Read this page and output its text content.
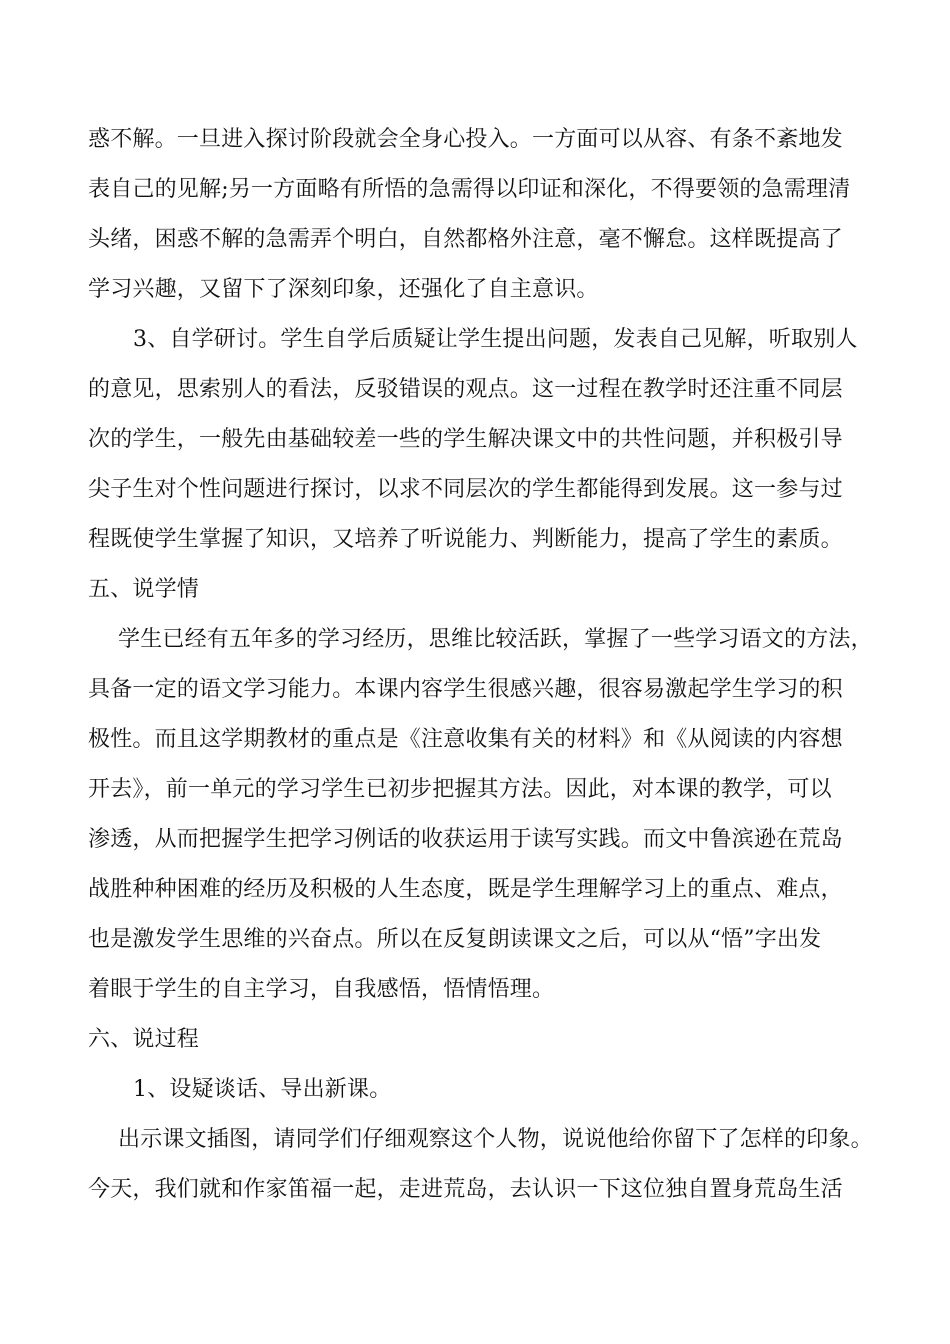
惑不解。一旦进入探讨阶段就会全身心投入。一方面可以从容、有条不紊地发
表自己的见解;另一方面略有所悟的急需得以印证和深化，不得要领的急需理清
头绪，困惑不解的急需弄个明白，自然都格外注意，毫不懈怠。这样既提高了
学习兴趣，又留下了深刻印象，还强化了自主意识。
3、自学研讨。学生自学后质疑让学生提出问题，发表自己见解，听取别人
的意见，思索别人的看法，反驳错误的观点。这一过程在教学时还注重不同层
次的学生，一般先由基础较差一些的学生解决课文中的共性问题，并积极引导
尖子生对个性问题进行探讨，以求不同层次的学生都能得到发展。这一参与过
程既使学生掌握了知识，又培养了听说能力、判断能力，提高了学生的素质。
五、说学情
学生已经有五年多的学习经历，思维比较活跃，掌握了一些学习语文的方法，
具备一定的语文学习能力。本课内容学生很感兴趣，很容易激起学生学习的积
极性。而且这学期教材的重点是《注意收集有关的材料》和《从阅读的内容想
开去》，前一单元的学习学生已初步把握其方法。因此，对本课的教学，可以
渗透，从而把握学生把学习例话的收获运用于读写实践。而文中鲁滨逊在荒岛
战胜种种困难的经历及积极的人生态度，既是学生理解学习上的重点、难点，
也是激发学生思维的兴奋点。所以在反复朗读课文之后，可以从“悟”字出发
着眼于学生的自主学习，自我感悟，悟情悟理。
六、说过程
1、设疑谈话、导出新课。
出示课文插图，请同学们仔细观察这个人物，说说他给你留下了怎样的印象。
今天，我们就和作家笛福一起，走进荒岛，去认识一下这位独自置身荒岛生活
